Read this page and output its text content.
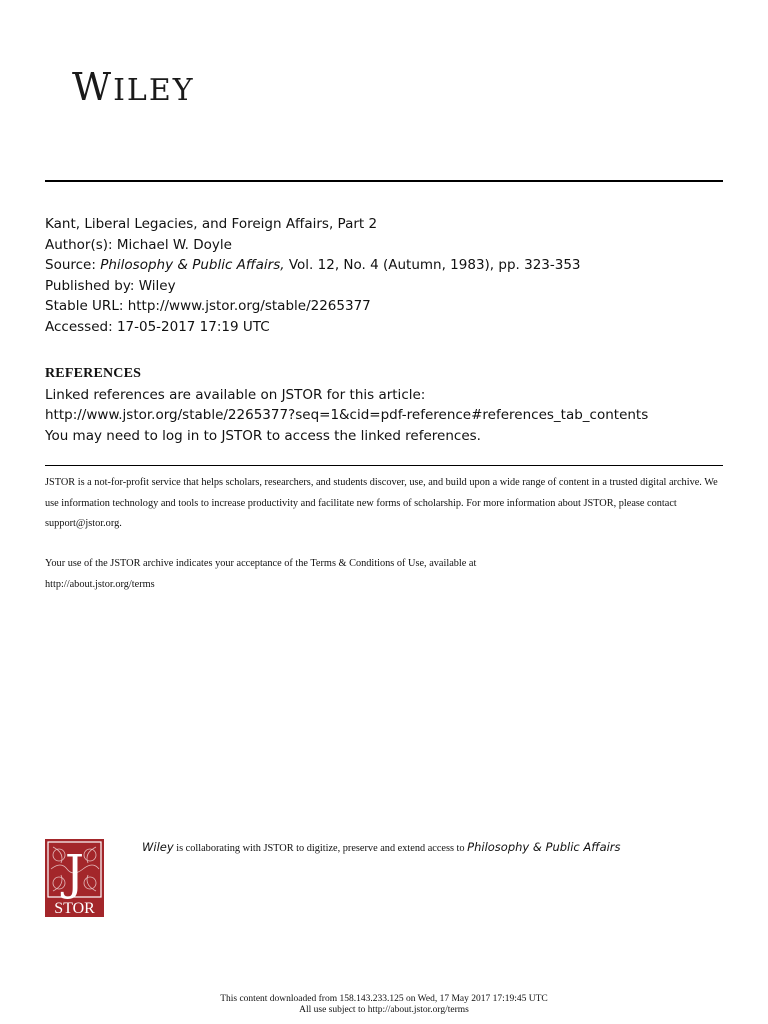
WILEY
Kant, Liberal Legacies, and Foreign Affairs, Part 2
Author(s): Michael W. Doyle
Source: Philosophy & Public Affairs, Vol. 12, No. 4 (Autumn, 1983), pp. 323-353
Published by: Wiley
Stable URL: http://www.jstor.org/stable/2265377
Accessed: 17-05-2017 17:19 UTC
REFERENCES
Linked references are available on JSTOR for this article:
http://www.jstor.org/stable/2265377?seq=1&cid=pdf-reference#references_tab_contents
You may need to log in to JSTOR to access the linked references.
JSTOR is a not-for-profit service that helps scholars, researchers, and students discover, use, and build upon a wide range of content in a trusted digital archive. We use information technology and tools to increase productivity and facilitate new forms of scholarship. For more information about JSTOR, please contact support@jstor.org.
Your use of the JSTOR archive indicates your acceptance of the Terms & Conditions of Use, available at
http://about.jstor.org/terms
J
STOR
Wiley is collaborating with JSTOR to digitize, preserve and extend access to Philosophy & Public Affairs
This content downloaded from 158.143.233.125 on Wed, 17 May 2017 17:19:45 UTC
All use subject to http://about.jstor.org/terms
